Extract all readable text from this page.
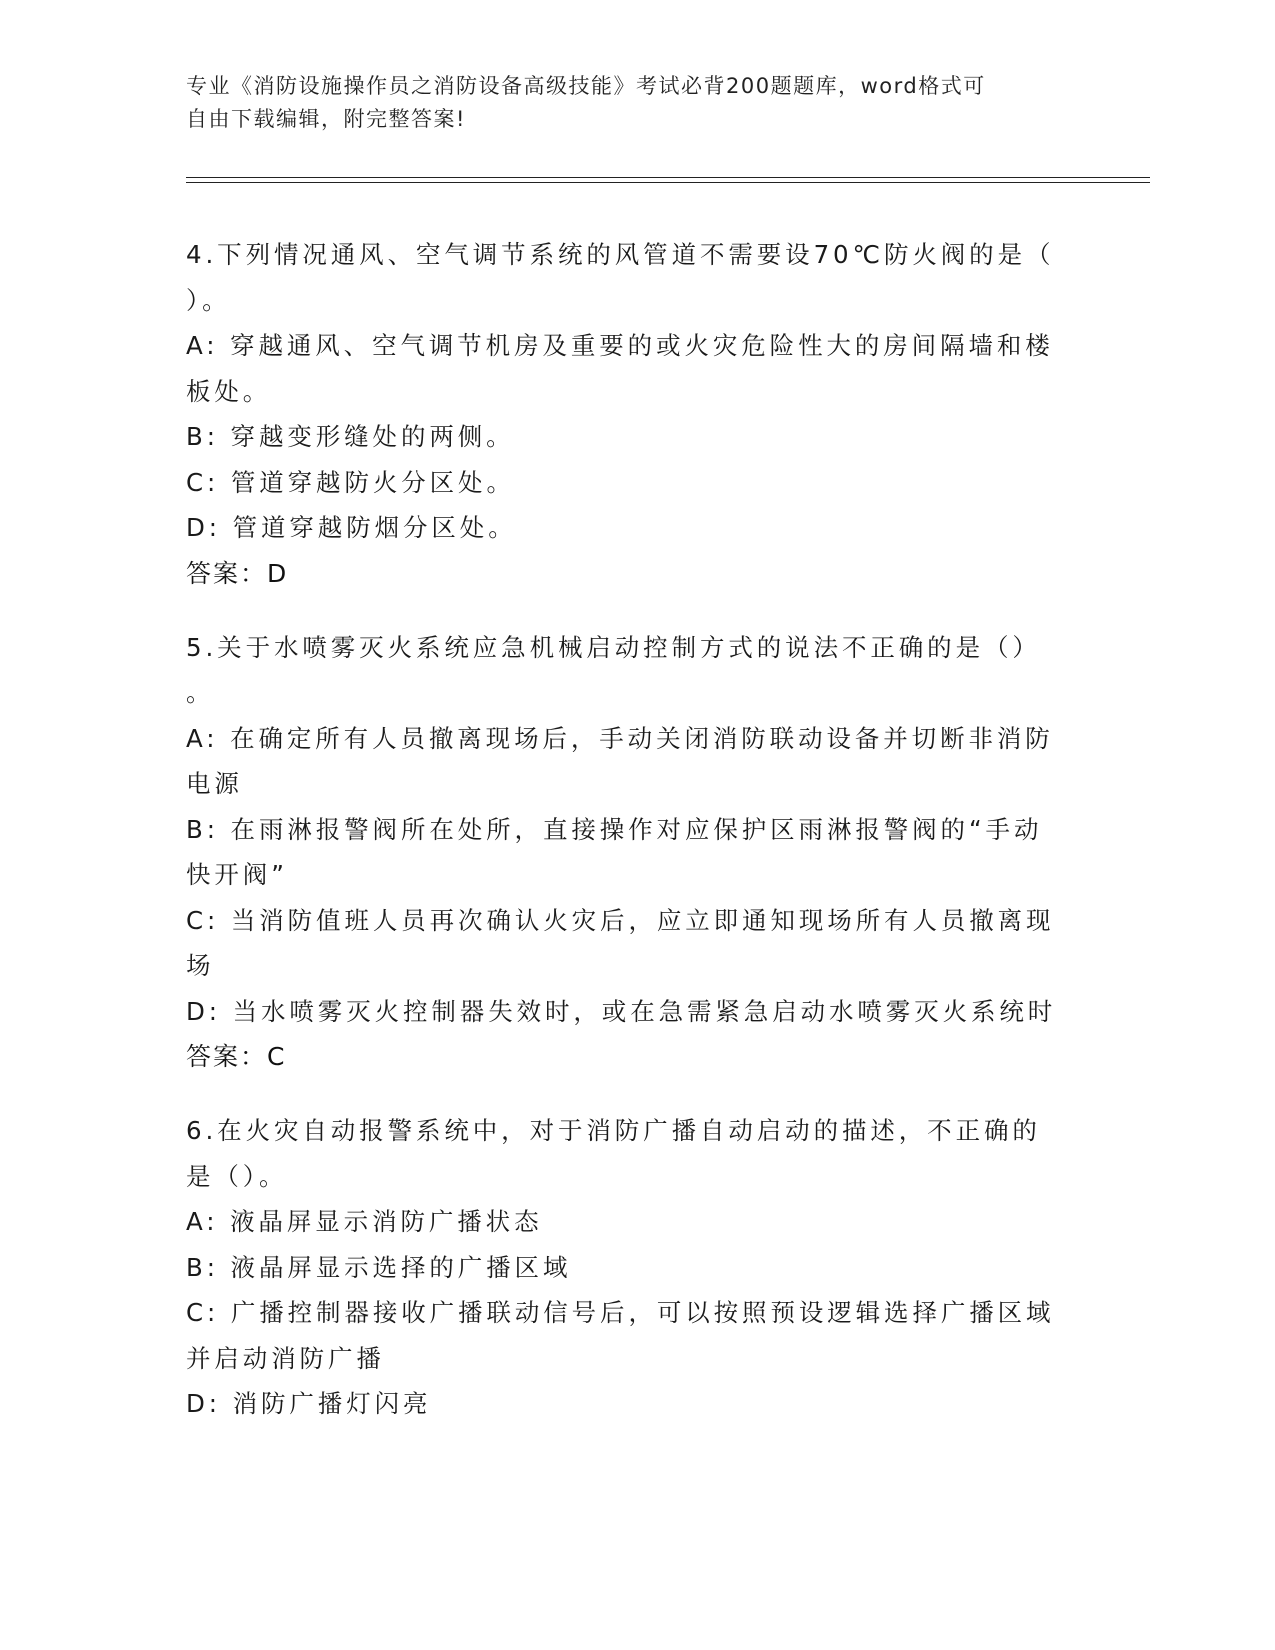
专业《消防设施操作员之消防设备高级技能》考试必背200题题库，word格式可
自由下载编辑，附完整答案!
4.下列情况通风、空气调节系统的风管道不需要设70℃防火阀的是（
）。
A: 穿越通风、空气调节机房及重要的或火灾危险性大的房间隔墙和楼
板处。
B: 穿越变形缝处的两侧。
C: 管道穿越防火分区处。
D: 管道穿越防烟分区处。
答案：D
5.关于水喷雾灭火系统应急机械启动控制方式的说法不正确的是（）
。
A: 在确定所有人员撤离现场后，手动关闭消防联动设备并切断非消防
电源
B: 在雨淋报警阀所在处所，直接操作对应保护区雨淋报警阀的“手动
快开阀”
C: 当消防值班人员再次确认火灾后，应立即通知现场所有人员撤离现
场
D: 当水喷雾灭火控制器失效时，或在急需紧急启动水喷雾灭火系统时
答案：C
6.在火灾自动报警系统中，对于消防广播自动启动的描述，不正确的
是（）。
A: 液晶屏显示消防广播状态
B: 液晶屏显示选择的广播区域
C: 广播控制器接收广播联动信号后，可以按照预设逻辑选择广播区域
并启动消防广播
D: 消防广播灯闪亮
